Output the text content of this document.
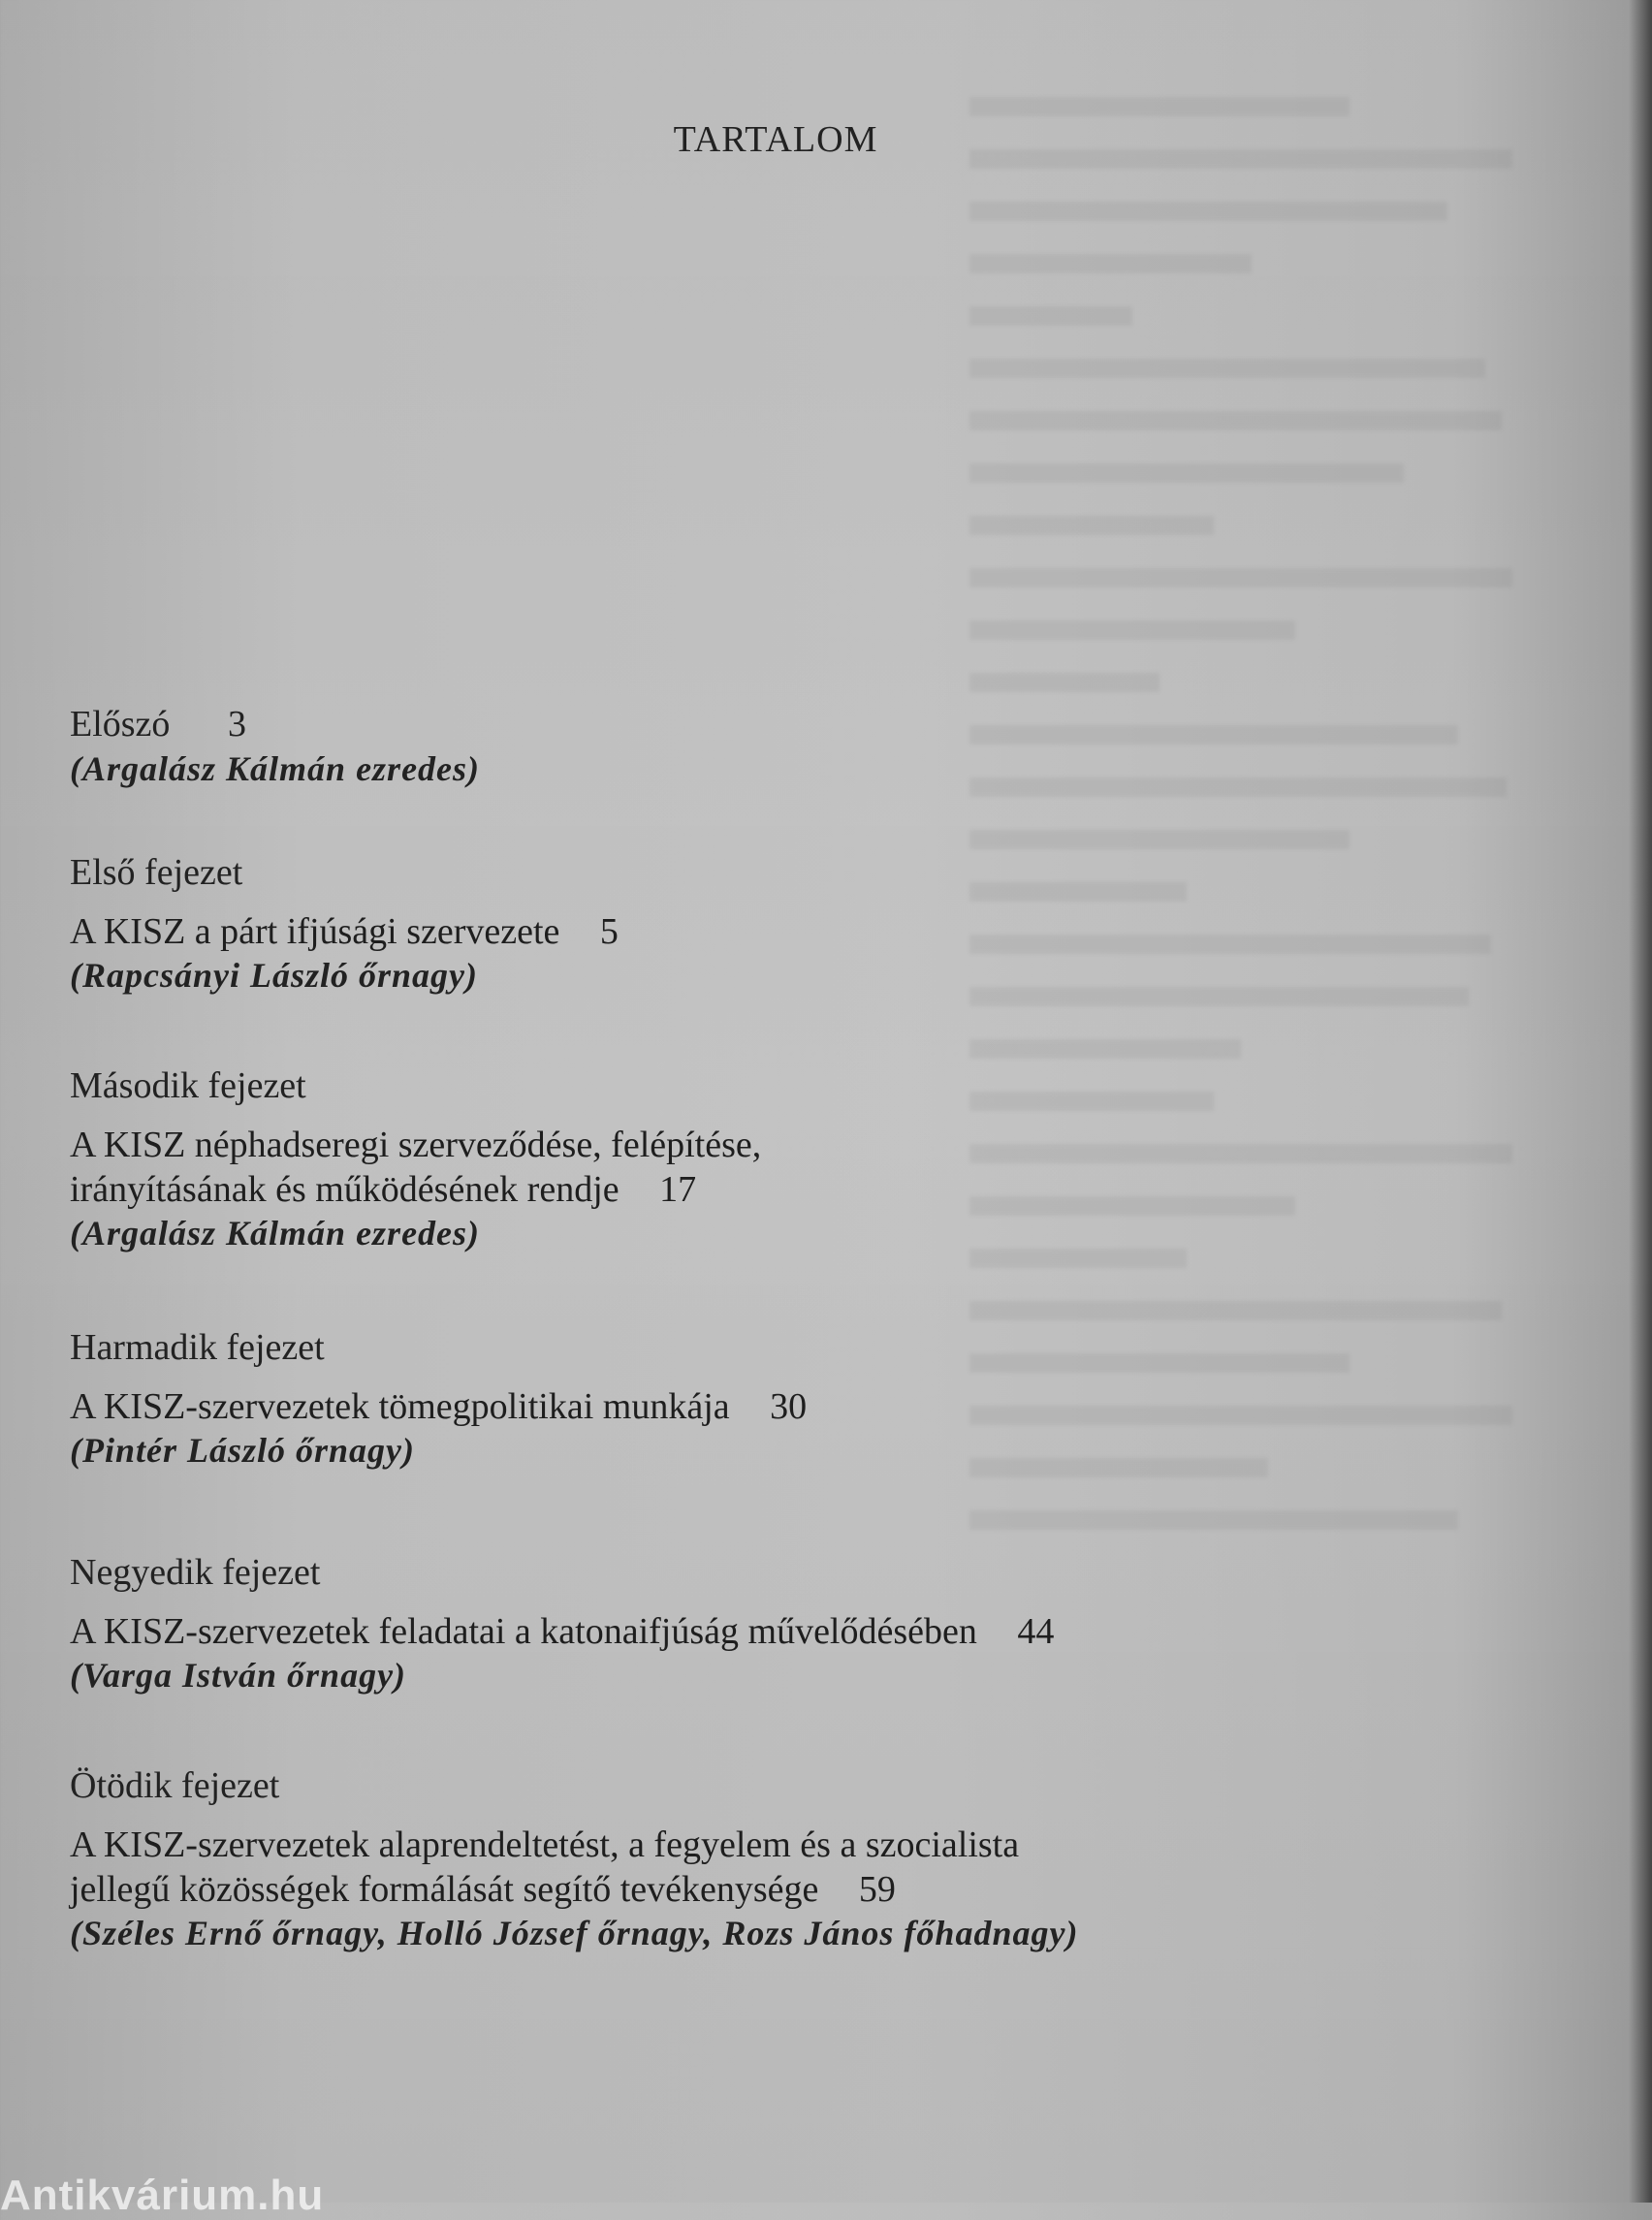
TARTALOM
Előszó 3
(Argalász Kálmán ezredes)
Első fejezet
A KISZ a párt ifjúsági szervezete 5
(Rapcsányi László őrnagy)
Második fejezet
A KISZ néphadseregi szerveződése, felépítése,
irányításának és működésének rendje 17
(Argalász Kálmán ezredes)
Harmadik fejezet
A KISZ-szervezetek tömegpolitikai munkája 30
(Pintér László őrnagy)
Negyedik fejezet
A KISZ-szervezetek feladatai a katonaifjúság művelődésében 44
(Varga István őrnagy)
Ötödik fejezet
A KISZ-szervezetek alaprendeltetést, a fegyelem és a szocialista
jellegű közösségek formálását segítő tevékenysége 59
(Széles Ernő őrnagy, Holló József őrnagy, Rozs János főhadnagy)
Antikvárium.hu
